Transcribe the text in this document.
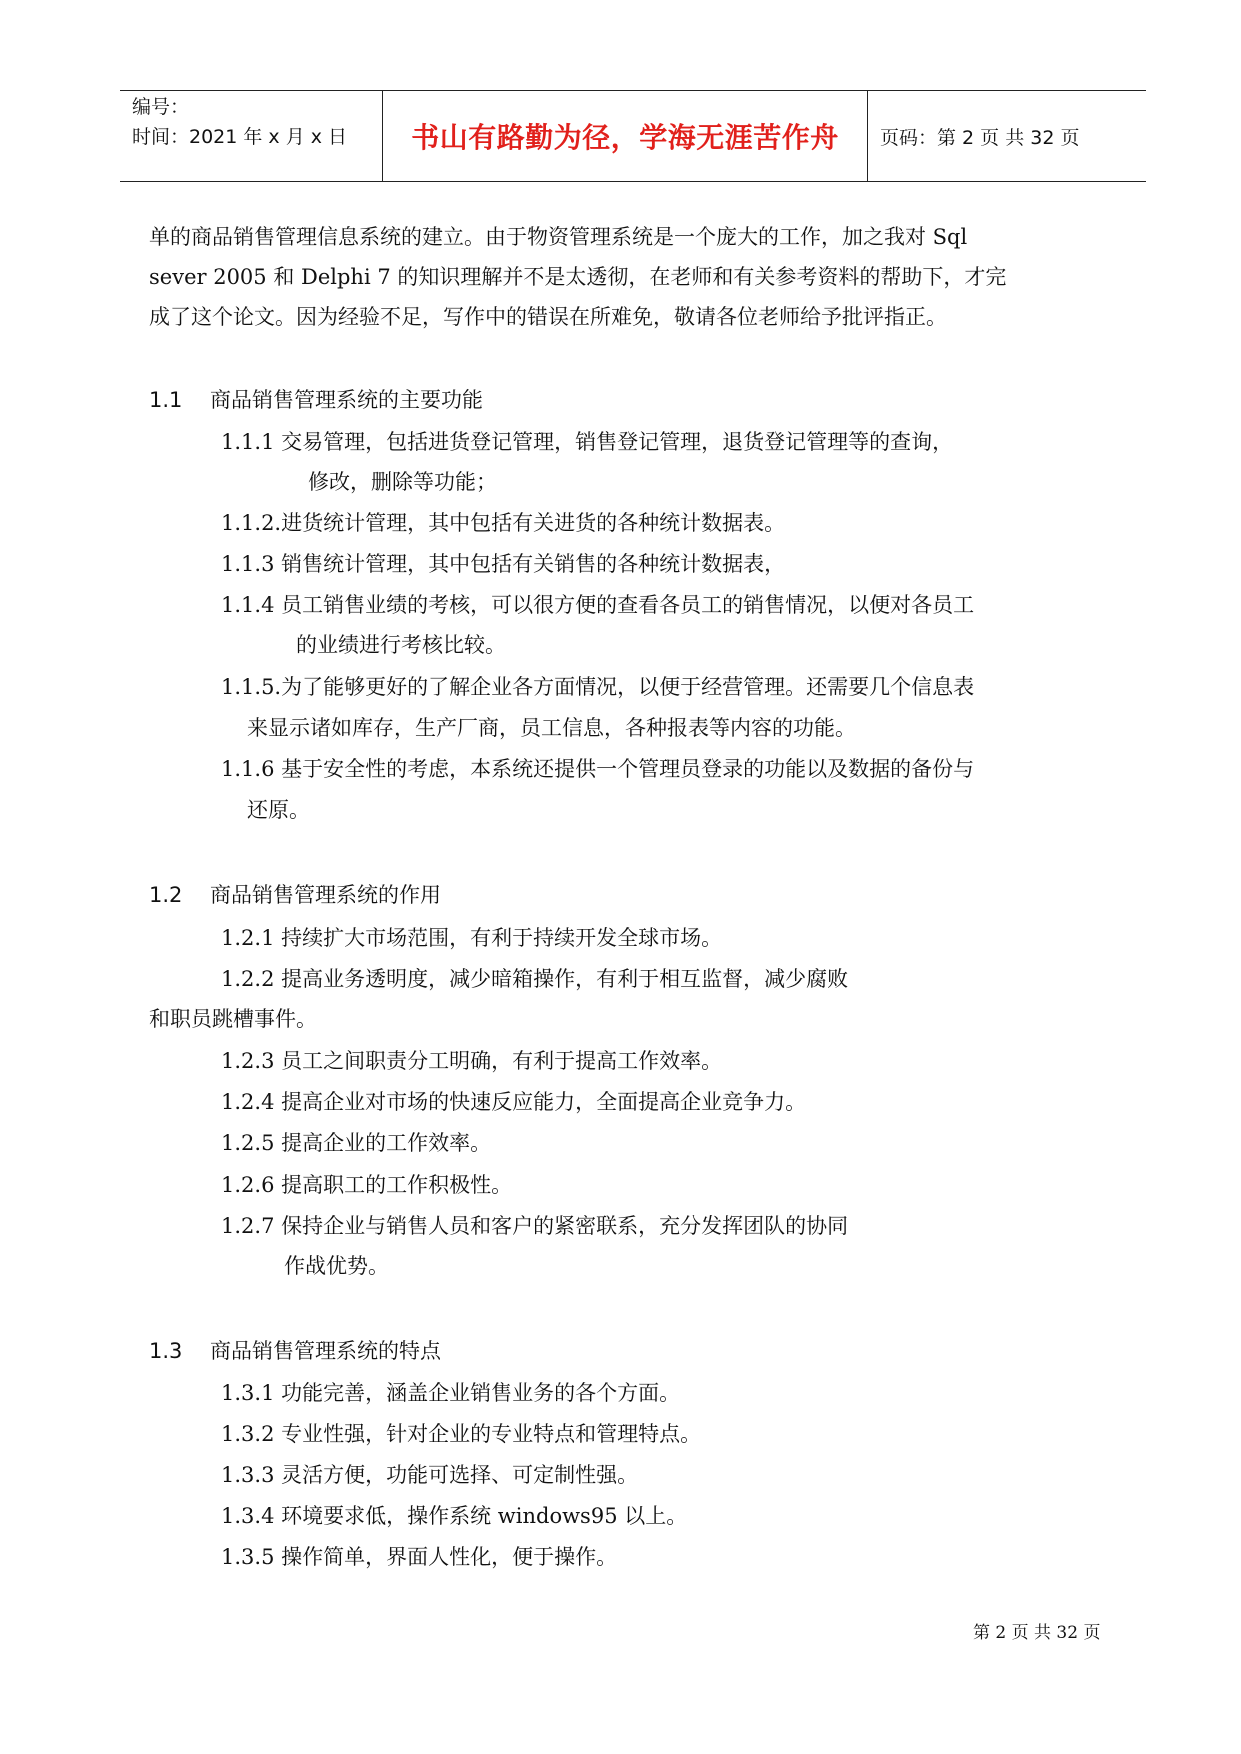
编号：
时间：2021 年 x 月 x 日	书山有路勤为径，学海无涯苦作舟	页码：第 2 页 共 32 页
单的商品销售管理信息系统的建立。由于物资管理系统是一个庞大的工作，加之我对 Sql
sever 2005 和 Delphi 7 的知识理解并不是太透彻，在老师和有关参考资料的帮助下，才完
成了这个论文。因为经验不足，写作中的错误在所难免，敬请各位老师给予批评指正。
1.1 商品销售管理系统的主要功能
1.1.1 交易管理，包括进货登记管理，销售登记管理，退货登记管理等的查询，
修改，删除等功能；
1.1.2.进货统计管理，其中包括有关进货的各种统计数据表。
1.1.3 销售统计管理，其中包括有关销售的各种统计数据表，
1.1.4 员工销售业绩的考核，可以很方便的查看各员工的销售情况，以便对各员工
的业绩进行考核比较。
1.1.5.为了能够更好的了解企业各方面情况，以便于经营管理。还需要几个信息表
来显示诸如库存，生产厂商，员工信息，各种报表等内容的功能。
1.1.6 基于安全性的考虑，本系统还提供一个管理员登录的功能以及数据的备份与
还原。
1.2 商品销售管理系统的作用
1.2.1 持续扩大市场范围，有利于持续开发全球市场。
1.2.2 提高业务透明度，减少暗箱操作，有利于相互监督，减少腐败
和职员跳槽事件。
1.2.3 员工之间职责分工明确，有利于提高工作效率。
1.2.4 提高企业对市场的快速反应能力，全面提高企业竞争力。
1.2.5 提高企业的工作效率。
1.2.6 提高职工的工作积极性。
1.2.7 保持企业与销售人员和客户的紧密联系，充分发挥团队的协同
作战优势。
1.3 商品销售管理系统的特点
1.3.1 功能完善，涵盖企业销售业务的各个方面。
1.3.2 专业性强，针对企业的专业特点和管理特点。
1.3.3 灵活方便，功能可选择、可定制性强。
1.3.4 环境要求低，操作系统 windows95 以上。
1.3.5 操作简单，界面人性化，便于操作。
第 2 页 共 32 页
